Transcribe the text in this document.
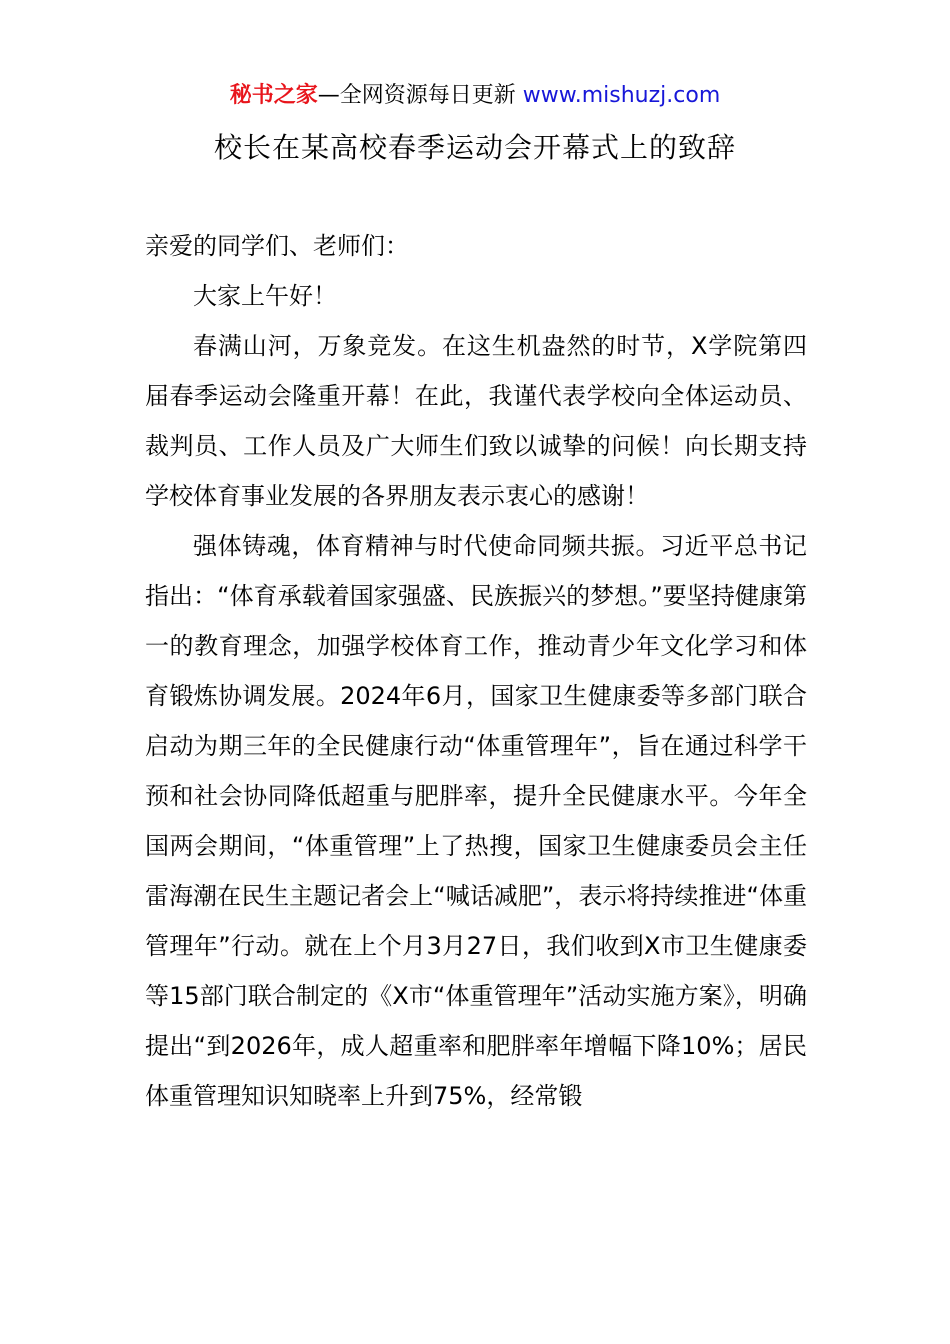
秘书之家—全网资源每日更新 www.mishuzj.com
校长在某高校春季运动会开幕式上的致辞

亲爱的同学们、老师们：

大家上午好！

春满山河，万象竞发。在这生机盎然的时节，X学院第四届春季运动会隆重开幕！在此，我谨代表学校向全体运动员、裁判员、工作人员及广大师生们致以诚挚的问候！向长期支持学校体育事业发展的各界朋友表示衷心的感谢！

强体铸魂，体育精神与时代使命同频共振。习近平总书记指出：“体育承载着国家强盛、民族振兴的梦想。”要坚持健康第一的教育理念，加强学校体育工作，推动青少年文化学习和体育锻炼协调发展。2024年6月，国家卫生健康委等多部门联合启动为期三年的全民健康行动“体重管理年”，旨在通过科学干预和社会协同降低超重与肥胖率，提升全民健康水平。今年全国两会期间，“体重管理”上了热搜，国家卫生健康委员会主任雷海潮在民生主题记者会上“喊话减肥”，表示将持续推进“体重管理年”行动。就在上个月3月27日，我们收到X市卫生健康委等15部门联合制定的《X市“体重管理年”活动实施方案》，明确提出“到2026年，成人超重率和肥胖率年增幅下降10%；居民体重管理知识知晓率上升到75%，经常锻
